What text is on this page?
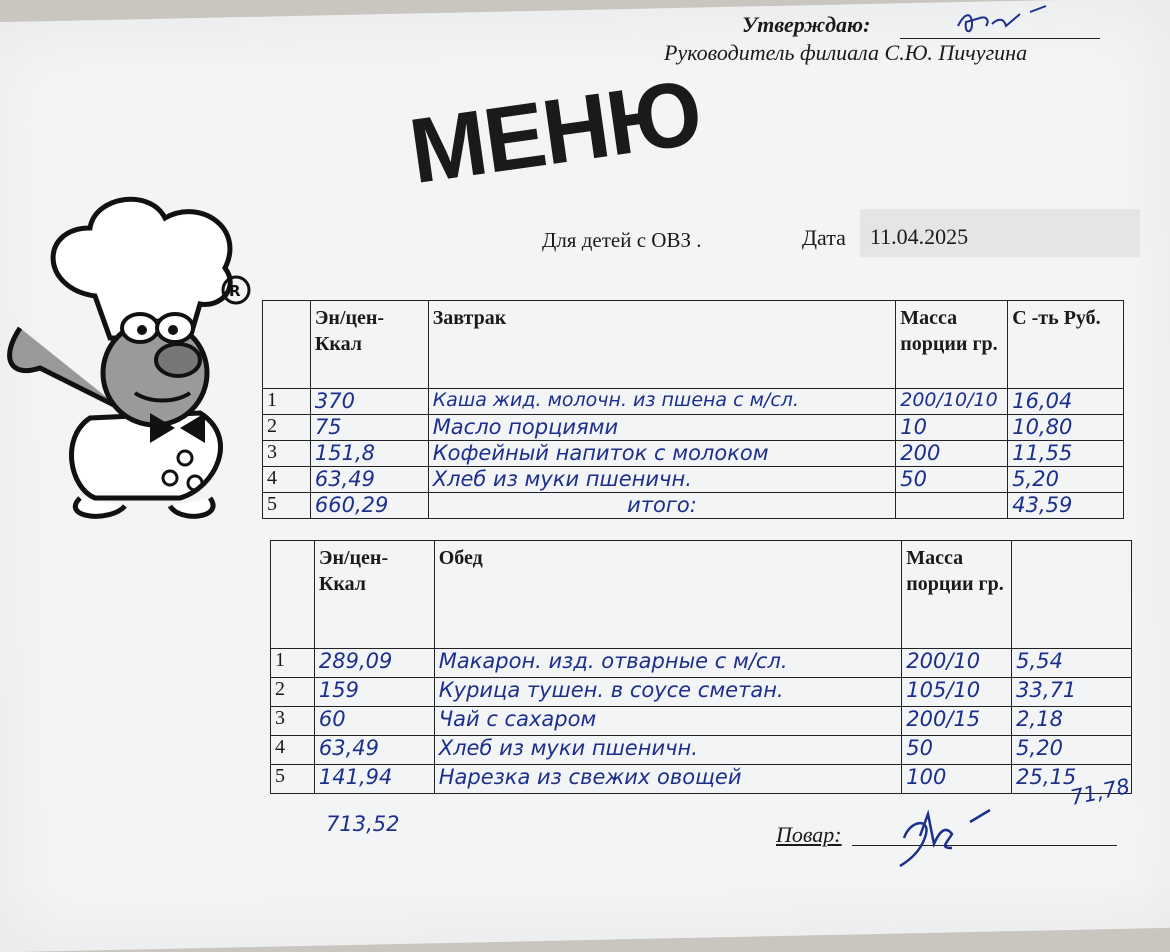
Утверждаю:
Руководитель филиала С.Ю. Пичугина
МЕНЮ
Для детей с ОВЗ .	Дата 11.04.2025
R
	Эн/цен- Ккал	Завтрак	Масса порции гр.	С -ть Руб.
1	370	Каша жид. молочн. из пшена с м/сл.	200/10/10	16,04
2	75	Масло порциями	10	10,80
3	151,8	Кофейный напиток с молоком	200	11,55
4	63,49	Хлеб из муки пшеничн.	50	5,20
5	660,29	итого:		43,59
	Эн/цен- Ккал	Обед	Масса порции гр.	
1	289,09	Макарон. изд. отварные с м/сл.	200/10	5,54
2	159	Курица тушен. в соусе сметан.	105/10	33,71
3	60	Чай с сахаром	200/15	2,18
4	63,49	Хлеб из муки пшеничн.	50	5,20
5	141,94	Нарезка из свежих овощей	100	25,15
713,52
71,78
Повар:
